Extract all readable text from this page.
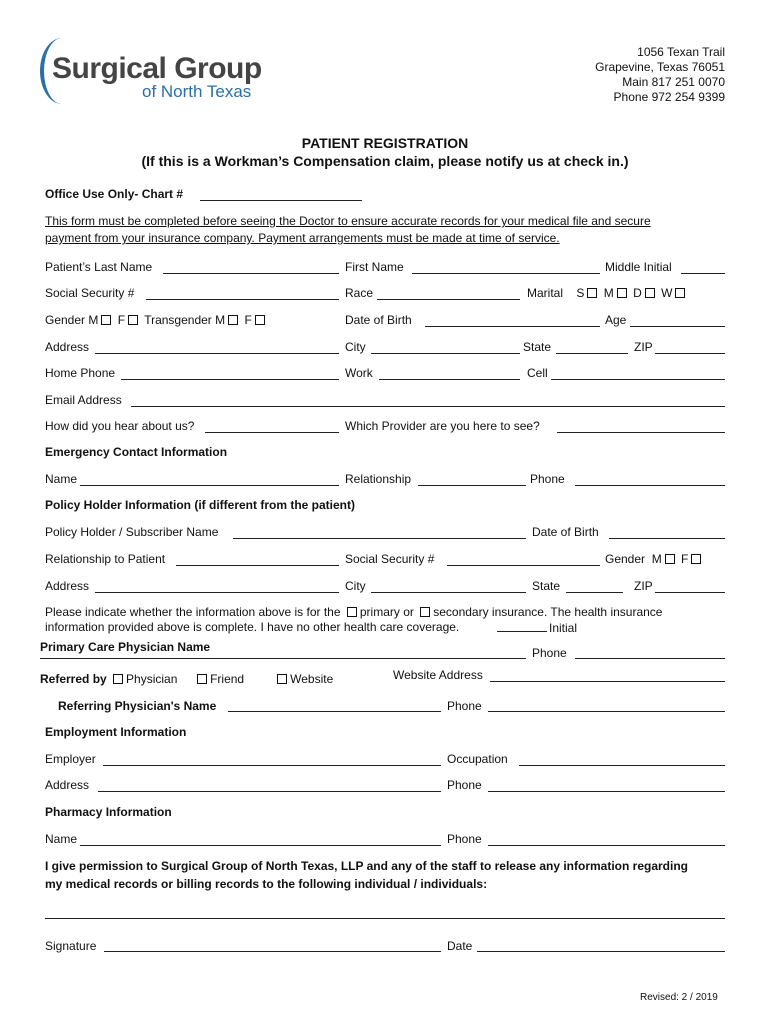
Surgical Group
of North Texas
1056 Texan Trail
Grapevine, Texas 76051
Main 817 251 0070
Phone 972 254 9399
PATIENT REGISTRATION
(If this is a Workman’s Compensation claim, please notify us at check in.)
Office Use Only- Chart #
This form must be completed before seeing the Doctor to ensure accurate records for your medical file and secure
payment from your insurance company. Payment arrangements must be made at time of service.
Patient’s Last Name	First Name	Middle Initial
Social Security #	Race	Marital S M D W
Gender M F Transgender M F	Date of Birth	Age
Address	City	State	ZIP
Home Phone	Work	Cell
Email Address
How did you hear about us?	Which Provider are you here to see?
Emergency Contact Information
Name	Relationship	Phone
Policy Holder Information (if different from the patient)
Policy Holder / Subscriber Name	Date of Birth
Relationship to Patient	Social Security #	Gender M F
Address	City	State	ZIP
Please indicate whether the information above is for the primary or secondary insurance. The health insurance
information provided above is complete. I have no other health care coverage.	Initial
Primary Care Physician Name	Phone
Referred by Physician	Friend	Website	Website Address
Referring Physician's Name	Phone
Employment Information
Employer	Occupation
Address	Phone
Pharmacy Information
Name	Phone
I give permission to Surgical Group of North Texas, LLP and any of the staff to release any information regarding
my medical records or billing records to the following individual / individuals:
Signature	Date
Revised: 2 / 2019
